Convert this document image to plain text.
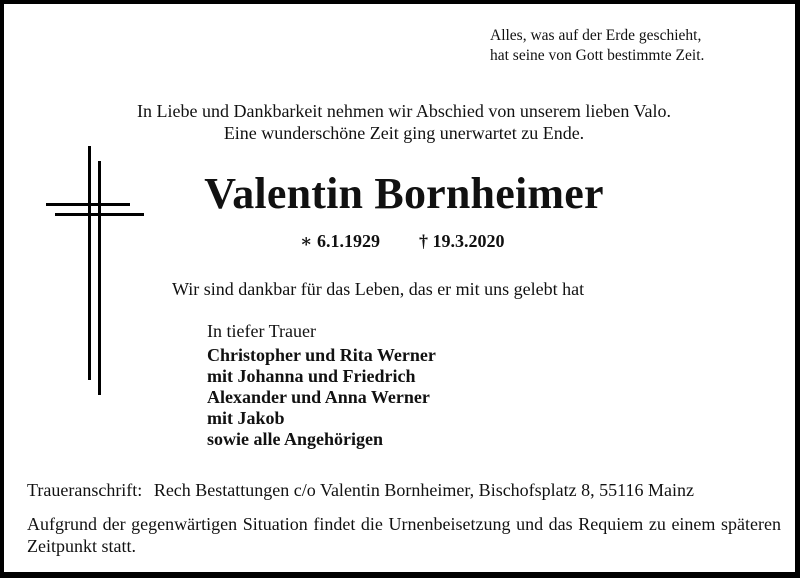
Alles, was auf der Erde geschieht,
hat seine von Gott bestimmte Zeit.
In Liebe und Dankbarkeit nehmen wir Abschied von unserem lieben Valo.
Eine wunderschöne Zeit ging unerwartet zu Ende.
Valentin Bornheimer
∗ 6.1.1929 † 19.3.2020
Wir sind dankbar für das Leben, das er mit uns gelebt hat
In tiefer Trauer
Christopher und Rita Werner
mit Johanna und Friedrich
Alexander und Anna Werner
mit Jakob
sowie alle Angehörigen
Traueranschrift: Rech Bestattungen c/o Valentin Bornheimer, Bischofsplatz 8, 55116 Mainz
Aufgrund der gegenwärtigen Situation findet die Urnenbeisetzung und das Requiem zu einem späteren Zeitpunkt statt.
